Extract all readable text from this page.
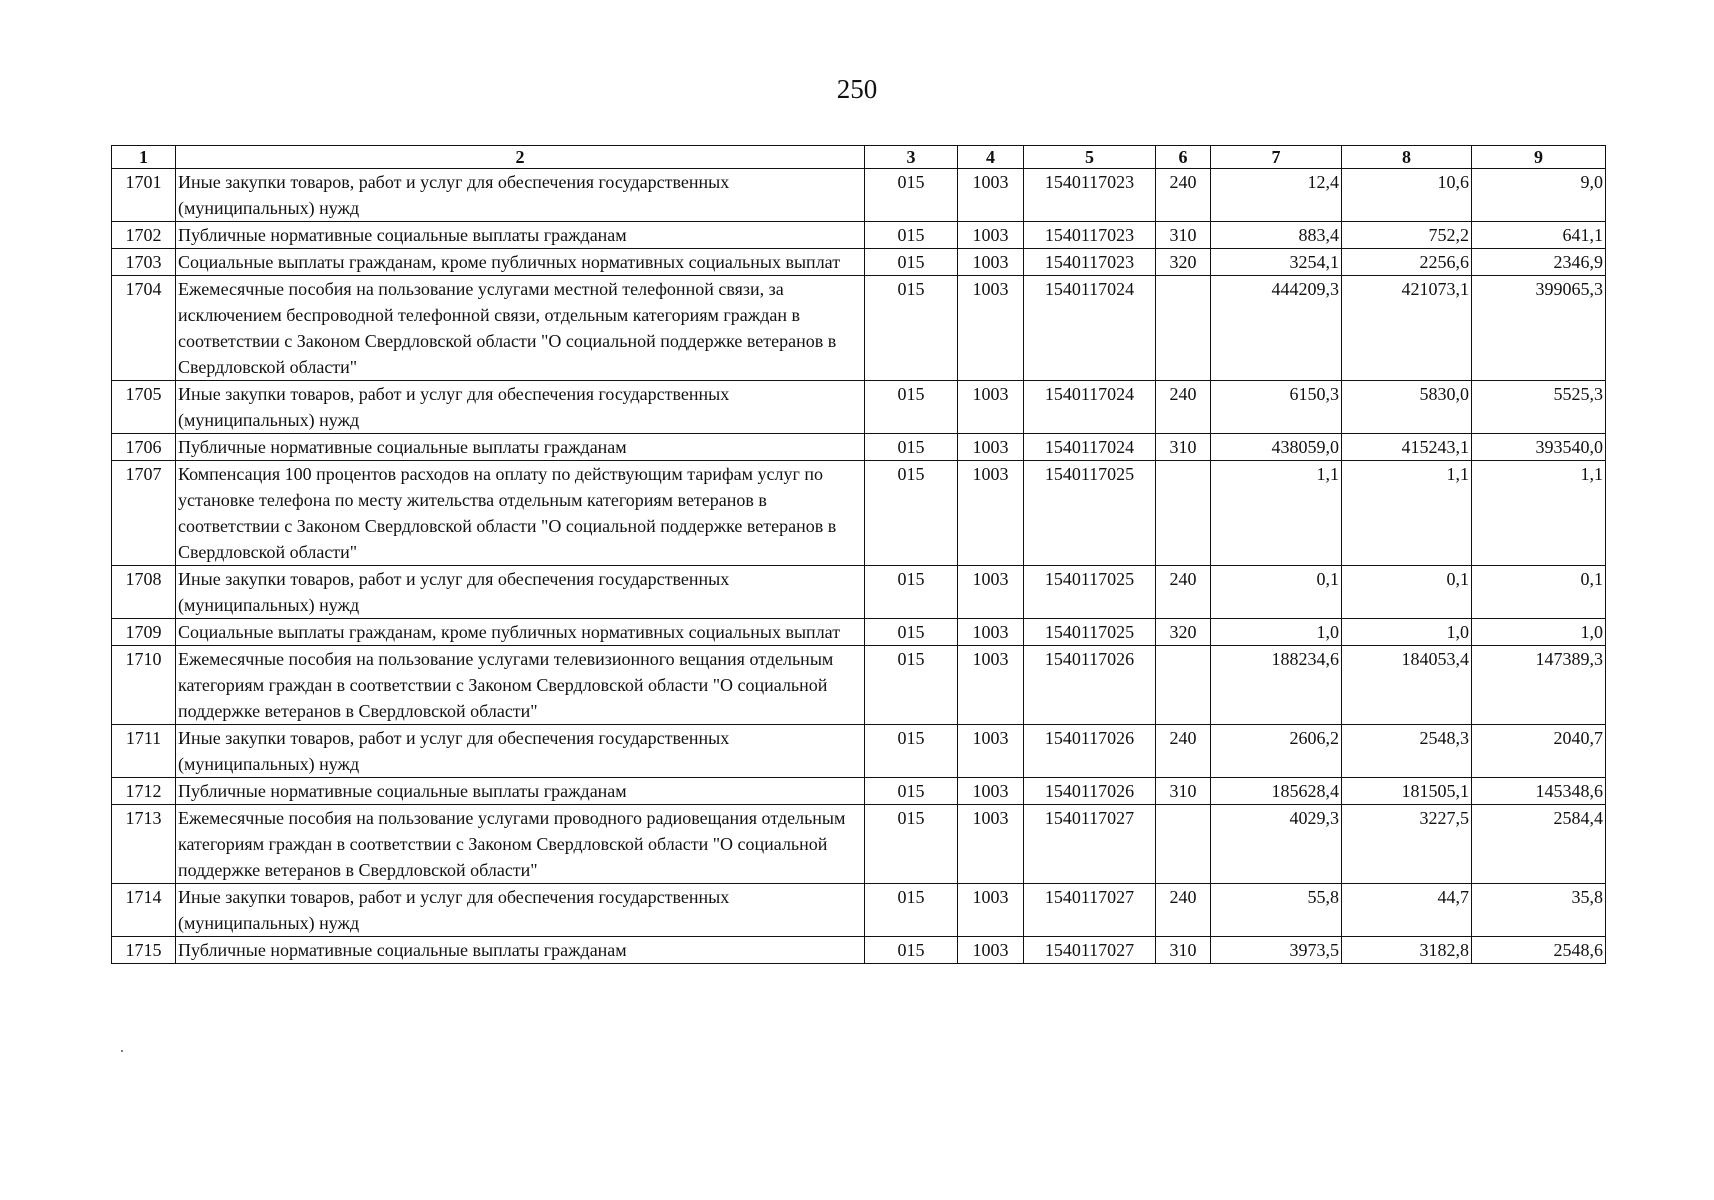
250
1	2	3	4	5	6	7	8	9
1701	Иные закупки товаров, работ и услуг для обеспечения государственных (муниципальных) нужд	015	1003	1540117023	240	12,4	10,6	9,0
1702	Публичные нормативные социальные выплаты гражданам	015	1003	1540117023	310	883,4	752,2	641,1
1703	Социальные выплаты гражданам, кроме публичных нормативных социальных выплат	015	1003	1540117023	320	3254,1	2256,6	2346,9
1704	Ежемесячные пособия на пользование услугами местной телефонной связи, за исключением беспроводной телефонной связи, отдельным категориям граждан в соответствии с Законом Свердловской области "О социальной поддержке ветеранов в Свердловской области"	015	1003	1540117024		444209,3	421073,1	399065,3
1705	Иные закупки товаров, работ и услуг для обеспечения государственных (муниципальных) нужд	015	1003	1540117024	240	6150,3	5830,0	5525,3
1706	Публичные нормативные социальные выплаты гражданам	015	1003	1540117024	310	438059,0	415243,1	393540,0
1707	Компенсация 100 процентов расходов на оплату по действующим тарифам услуг по установке телефона по месту жительства отдельным категориям ветеранов в соответствии с Законом Свердловской области "О социальной поддержке ветеранов в Свердловской области"	015	1003	1540117025		1,1	1,1	1,1
1708	Иные закупки товаров, работ и услуг для обеспечения государственных (муниципальных) нужд	015	1003	1540117025	240	0,1	0,1	0,1
1709	Социальные выплаты гражданам, кроме публичных нормативных социальных выплат	015	1003	1540117025	320	1,0	1,0	1,0
1710	Ежемесячные пособия на пользование услугами телевизионного вещания отдельным категориям граждан в соответствии с Законом Свердловской области "О социальной поддержке ветеранов в Свердловской области"	015	1003	1540117026		188234,6	184053,4	147389,3
1711	Иные закупки товаров, работ и услуг для обеспечения государственных (муниципальных) нужд	015	1003	1540117026	240	2606,2	2548,3	2040,7
1712	Публичные нормативные социальные выплаты гражданам	015	1003	1540117026	310	185628,4	181505,1	145348,6
1713	Ежемесячные пособия на пользование услугами проводного радиовещания отдельным категориям граждан в соответствии с Законом Свердловской области "О социальной поддержке ветеранов в Свердловской области"	015	1003	1540117027		4029,3	3227,5	2584,4
1714	Иные закупки товаров, работ и услуг для обеспечения государственных (муниципальных) нужд	015	1003	1540117027	240	55,8	44,7	35,8
1715	Публичные нормативные социальные выплаты гражданам	015	1003	1540117027	310	3973,5	3182,8	2548,6
